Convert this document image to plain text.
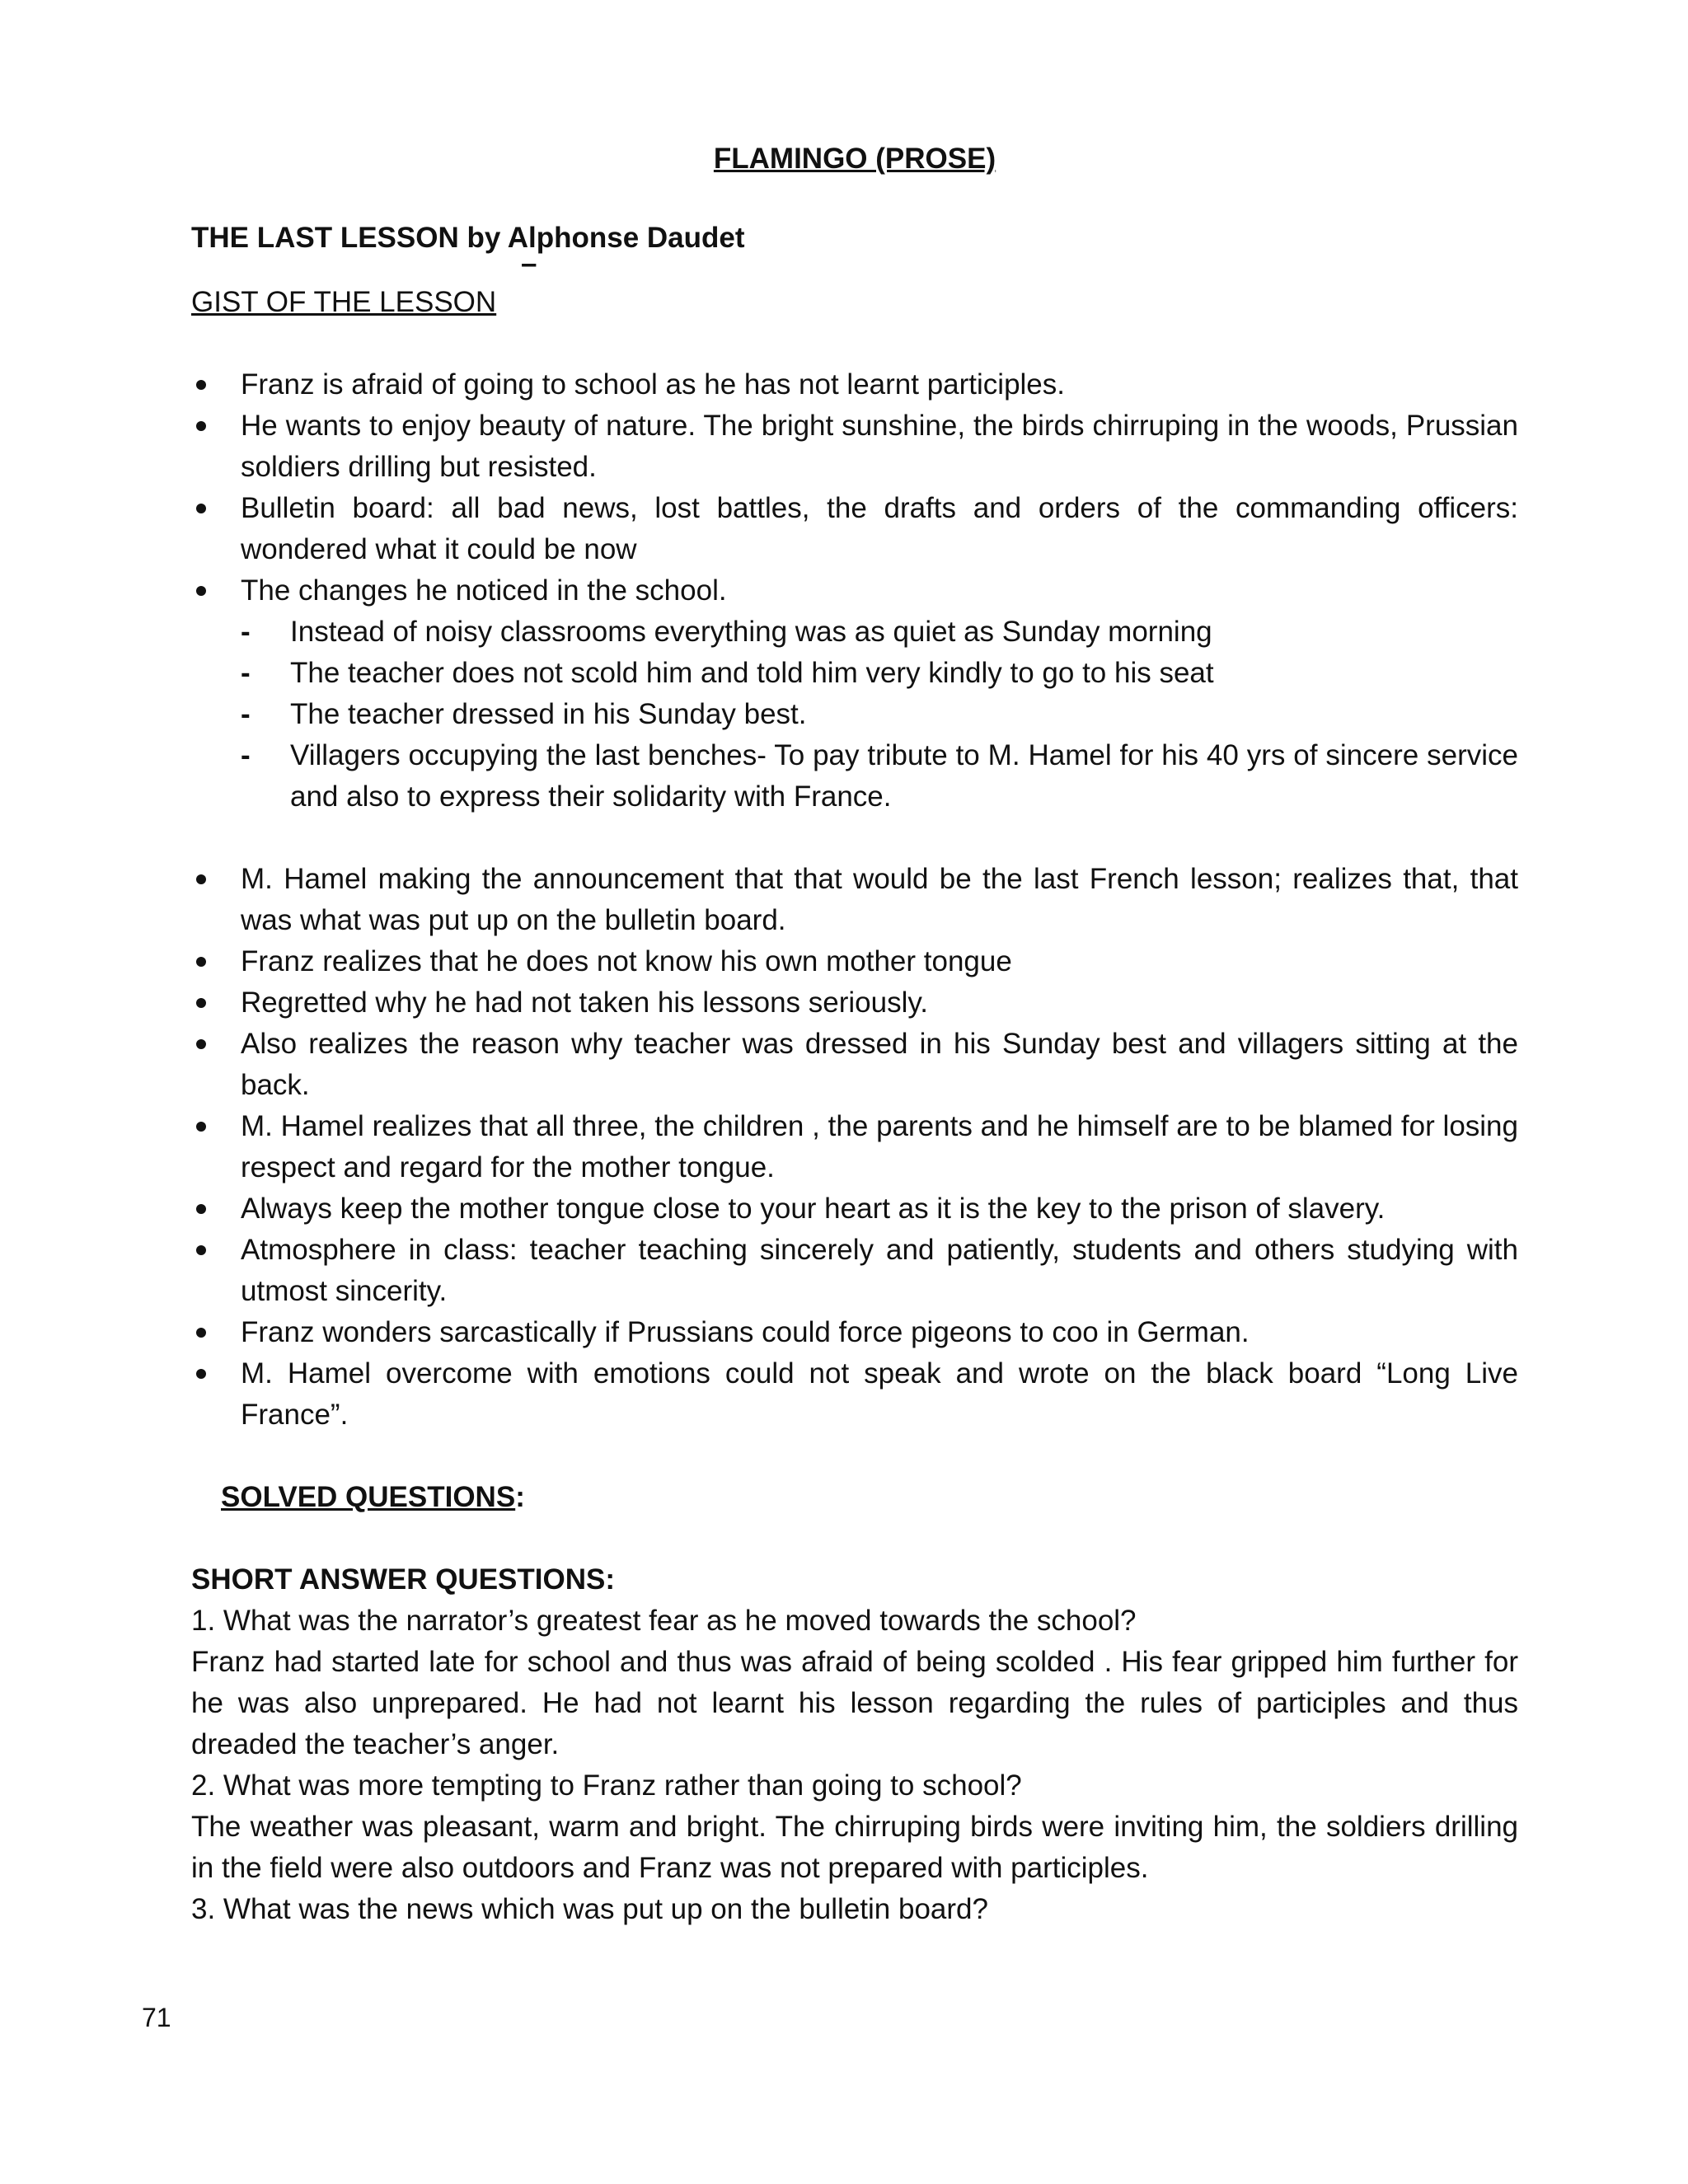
FLAMINGO (PROSE)

THE LAST LESSON by Alphonse Daudet

–

GIST OF THE LESSON

Franz is afraid of going to school as he has not learnt participles.
He wants to enjoy beauty of nature. The bright sunshine, the birds chirruping in the woods, Prussian soldiers drilling but resisted.
Bulletin board: all bad news, lost battles, the drafts and orders of the commanding officers: wondered what it could be now
The changes he noticed in the school.
- Instead of noisy classrooms everything was as quiet as Sunday morning
- The teacher does not scold him and told him very kindly to go to his seat
- The teacher dressed in his Sunday best.
- Villagers occupying the last benches- To pay tribute to M. Hamel for his 40 yrs of sincere service and also to express their solidarity with France.
M. Hamel making the announcement that that would be the last French lesson; realizes that, that was what was put up on the bulletin board.
Franz realizes that he does not know his own mother tongue
Regretted why he had not taken his lessons seriously.
Also realizes the reason why teacher was dressed in his Sunday best and villagers sitting at the back.
M. Hamel realizes that all three, the children , the parents and he himself are to be blamed for losing respect and regard for the mother tongue.
Always keep the mother tongue close to your heart as it is the key to the prison of slavery.
Atmosphere in class: teacher teaching sincerely and patiently, students and others studying with utmost sincerity.
Franz wonders sarcastically if Prussians could force pigeons to coo in German.
M. Hamel overcome with emotions could not speak and wrote on the black board “Long Live France”.

SOLVED QUESTIONS:

SHORT ANSWER QUESTIONS:

1. What was the narrator’s greatest fear as he moved towards the school?

Franz had started late for school and thus was afraid of being scolded . His fear gripped him further for he was also unprepared. He had not learnt his lesson regarding the rules of participles and thus dreaded the teacher’s anger.

2. What was more tempting to Franz rather than going to school?

The weather was pleasant, warm and bright. The chirruping birds were inviting him, the soldiers drilling in the field were also outdoors and Franz was not prepared with participles.

3. What was the news which was put up on the bulletin board?

71
